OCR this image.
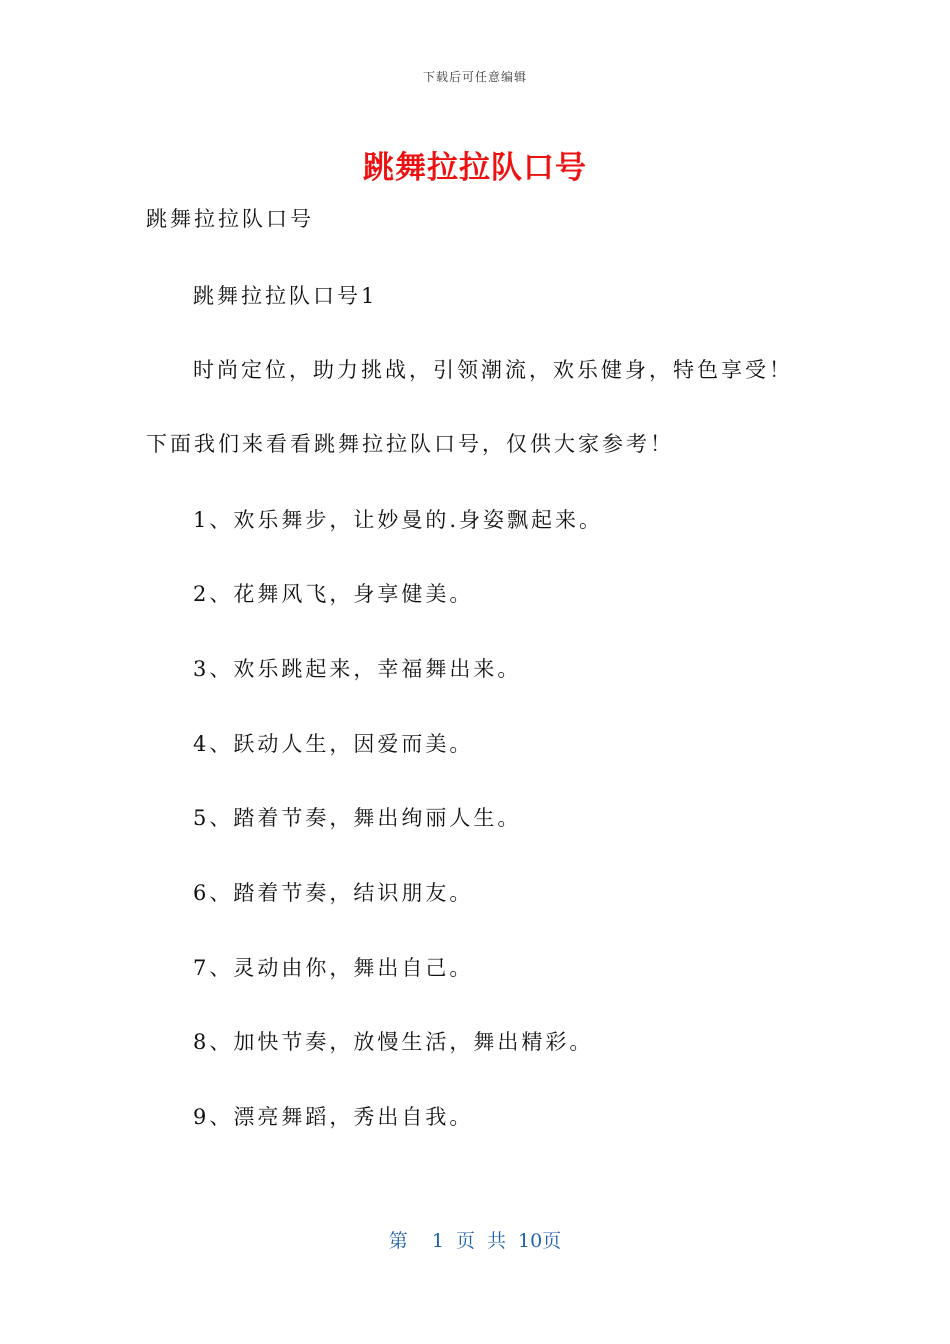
下载后可任意编辑
跳舞拉拉队口号
跳舞拉拉队口号
跳舞拉拉队口号1
时尚定位，助力挑战，引领潮流，欢乐健身，特色享受！
下面我们来看看跳舞拉拉队口号，仅供大家参考！
1、欢乐舞步，让妙曼的.身姿飘起来。
2、花舞风飞，身享健美。
3、欢乐跳起来，幸福舞出来。
4、跃动人生，因爱而美。
5、踏着节奏，舞出绚丽人生。
6、踏着节奏，结识朋友。
7、灵动由你，舞出自己。
8、加快节奏，放慢生活，舞出精彩。
9、漂亮舞蹈，秀出自我。
第  1 页 共 10页
